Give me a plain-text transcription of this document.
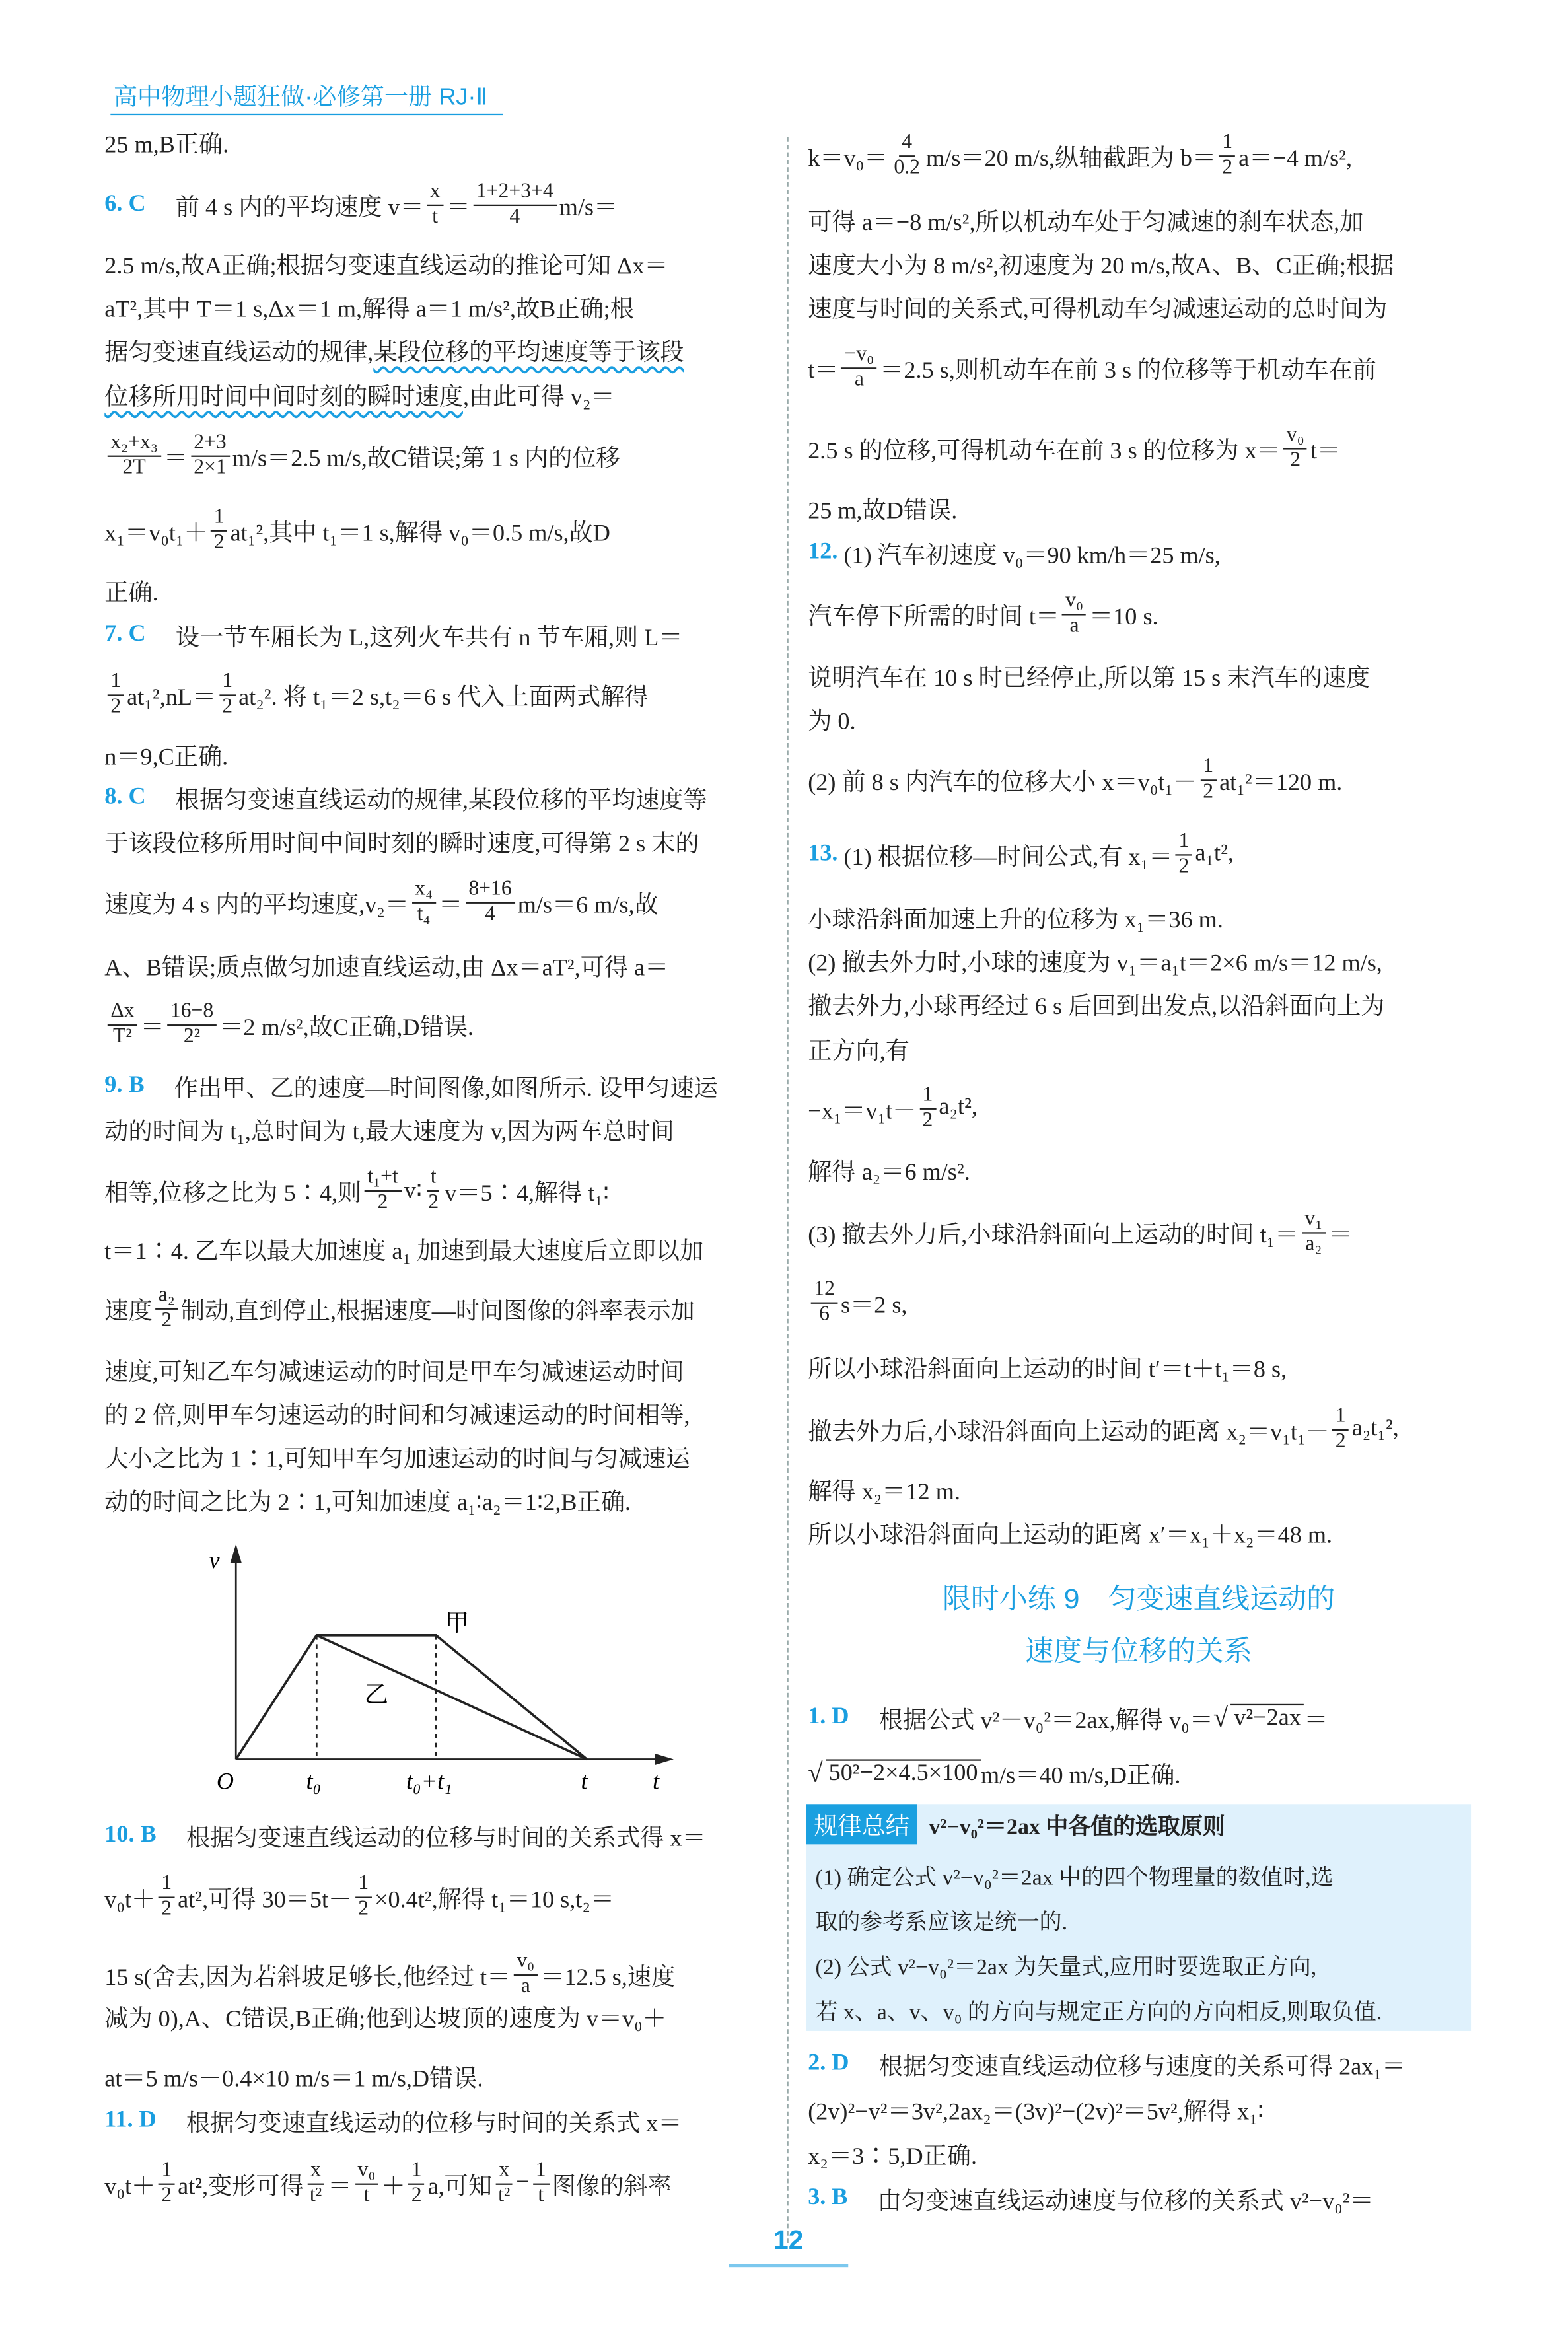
高中物理小题狂做·必修第一册 RJ·Ⅱ
25 m,B正确.
6. C 　前 4 s 内的平均速度 $v= \frac{x}{t} = \frac{1+2+3+4}{4} m/s=$
2.5 m/s,故A正确;根据匀变速直线运动的推论可知 Δx＝
aT²,其中 T＝1 s,Δx＝1 m,解得 a＝1 m/s²,故B正确;根
据匀变速直线运动的规律, 某段位移的平均速度等于该段
位移所用时间中间时刻的瞬时速度 ,由此可得 v₂＝
$\frac{\text{x₂+x₃}}{2T} = \frac{2+3}{2\times 1} m/s=2.5$ m/s,故C错误;第 1 s 内的位移
$x_1=v_0t_1+ \frac{1}{2} at_1^2$,其中 t₁＝1 s,解得 v₀＝0.5 m/s,故D
正确.
7. C 　设一节车厢长为 L,这列火车共有 n 节车厢,则 L＝
$\frac{1}{2} at_1^2,nL= \frac{1}{2} at_2^2$. 将 t₁＝2 s,t₂＝6 s 代入上面两式解得
n＝9,C正确.
8. C 　根据匀变速直线运动的规律,某段位移的平均速度等
于该段位移所用时间中间时刻的瞬时速度,可得第 2 s 末的
速度为 4 s 内的平均速度$,v_2= \frac{\text{x₄}}{\text{t₄}} = \frac{8+16}{4} m/s=6$ m/s,故
A、B错误;质点做匀加速直线运动,由 Δx＝aT²,可得 a＝
$\frac{\Delta x}{\text{T²}} = \frac{16-8}{\text{2²}} =2$ m/s²,故C正确,D错误.
9. B 　作出甲、乙的速度—时间图像,如图所示. 设甲匀速运
动的时间为 t₁,总时间为 t,最大速度为 v,因为两车总时间
相等,位移之比为 5∶4,则 $\frac{\text{t₁+t}}{2}$ v∶ $\frac{t}{2}$ v＝5∶4,解得 t₁∶
t＝1∶4. 乙车以最大加速度 a₁ 加速到最大速度后立即以加
速度 $\frac{\text{a₂}}{2}$ 制动,直到停止,根据速度—时间图像的斜率表示加
速度,可知乙车匀减速运动的时间是甲车匀减速运动时间
的 2 倍,则甲车匀速运动的时间和匀减速运动的时间相等,
大小之比为 1∶1,可知甲车匀加速运动的时间与匀减速运
动的时间之比为 2∶1,可知加速度 a₁∶a₂＝1∶2,B正确.
10. B 　根据匀变速直线运动的位移与时间的关系式得 x＝
$v_0t+ \frac{1}{2} at^2$,可得 $30=5t- \frac{1}{2} \times 0.4t^2$,解得 t₁＝10 s,t₂＝
15 s(舍去,因为若斜坡足够长,他经过 $t= \frac{\text{v₀}}{a} =12.5$ s,速度
减为 0),A、C错误,B正确;他到达坡顶的速度为 v＝v₀＋
at＝5 m/s－0.4×10 m/s＝1 m/s,D错误.
11. D 　根据匀变速直线运动的位移与时间的关系式 x＝
$v_0t+ \frac{1}{2} at^2$,变形可得 $\frac{x}{\text{t²}} = \frac{\text{v₀}}{t} + \frac{1}{2} a$,可知 $\frac{x}{\text{t²}} - \frac{1}{t}$ 图像的斜率
$k=v_0= \frac{4}{0.2} m/s=20$ m/s,纵轴截距为 $b= \frac{1}{2} a=-4$ m/s²,
可得 a＝−8 m/s²,所以机动车处于匀减速的刹车状态,加
速度大小为 8 m/s²,初速度为 20 m/s,故A、B、C正确;根据
速度与时间的关系式,可得机动车匀减速运动的总时间为
$t= \frac{\text{−v₀}}{a} =2.5$ s,则机动车在前 3 s 的位移等于机动车在前
2.5 s 的位移,可得机动车在前 3 s 的位移为 $x= \frac{\text{v₀}}{2} t=$
25 m,故D错误.
12. (1) 汽车初速度 v₀＝90 km/h＝25 m/s,
汽车停下所需的时间 $t= \frac{\text{v₀}}{a} =10$ s.
说明汽车在 10 s 时已经停止,所以第 15 s 末汽车的速度
为 0.
(2) 前 8 s 内汽车的位移大小 $x=v_0t_1- \frac{1}{2} at_1^2=120$ m.
13. (1) 根据位移—时间公式,有 $x_1= \frac{1}{2} a_1t^2$,
小球沿斜面加速上升的位移为 x₁＝36 m.
(2) 撤去外力时,小球的速度为 v₁＝a₁t＝2×6 m/s＝12 m/s,
撤去外力,小球再经过 6 s 后回到出发点,以沿斜面向上为
正方向,有
$-x_1=v_1t- \frac{1}{2} a_2t^2$,
解得 a₂＝6 m/s².
(3) 撤去外力后,小球沿斜面向上运动的时间 $t_1= \frac{\text{v₁}}{\text{a₂}}$ ＝
$\frac{12}{6} s=2$ s,
所以小球沿斜面向上运动的时间 t′＝t＋t₁＝8 s,
撤去外力后,小球沿斜面向上运动的距离 $x_2=v_1t_1- \frac{1}{2} a_2t_1^2$,
解得 x₂＝12 m.
所以小球沿斜面向上运动的距离 x′＝x₁＋x₂＝48 m.
1. D 　根据公式 v²－v₀²＝2ax,解得 v₀＝ √ v²−2ax ＝
√ 50²−2×4.5×100 m/s＝40 m/s,D正确.
2. D 　根据匀变速直线运动位移与速度的关系可得 2ax₁＝
(2v)²−v²＝3v²,2ax₂＝(3v)²−(2v)²＝5v²,解得 x₁∶
x₂＝3∶5,D正确.
3. B 　由匀变速直线运动速度与位移的关系式 v²−v₀²＝
v
甲
乙
O	t₀	t₀+t₁	t	t
限时小练 9　匀变速直线运动的
速度与位移的关系
规律总结	v²−v₀²＝2ax 中各值的选取原则
(1) 确定公式 v²−v₀²＝2ax 中的四个物理量的数值时,选
取的参考系应该是统一的.
(2) 公式 v²−v₀²＝2ax 为矢量式,应用时要选取正方向,
若 x、a、v、v₀ 的方向与规定正方向的方向相反,则取负值.
12
